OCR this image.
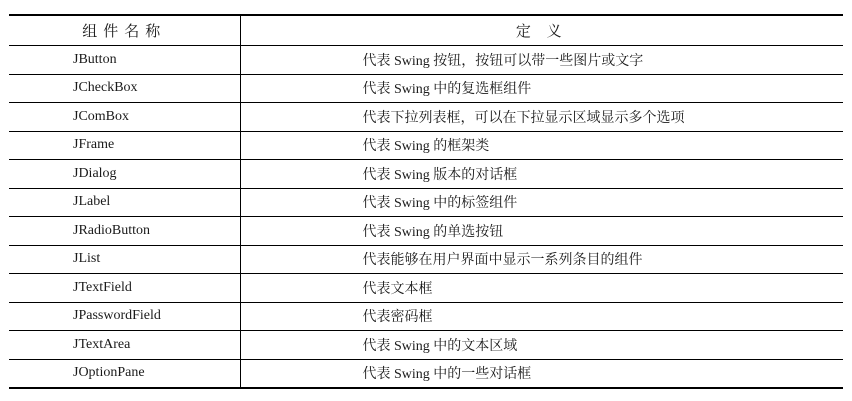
组件名称	定 义
JButton	代表 Swing 按钮，按钮可以带一些图片或文字
JCheckBox	代表 Swing 中的复选框组件
JComBox	代表下拉列表框，可以在下拉显示区域显示多个选项
JFrame	代表 Swing 的框架类
JDialog	代表 Swing 版本的对话框
JLabel	代表 Swing 中的标签组件
JRadioButton	代表 Swing 的单选按钮
JList	代表能够在用户界面中显示一系列条目的组件
JTextField	代表文本框
JPasswordField	代表密码框
JTextArea	代表 Swing 中的文本区域
JOptionPane	代表 Swing 中的一些对话框
